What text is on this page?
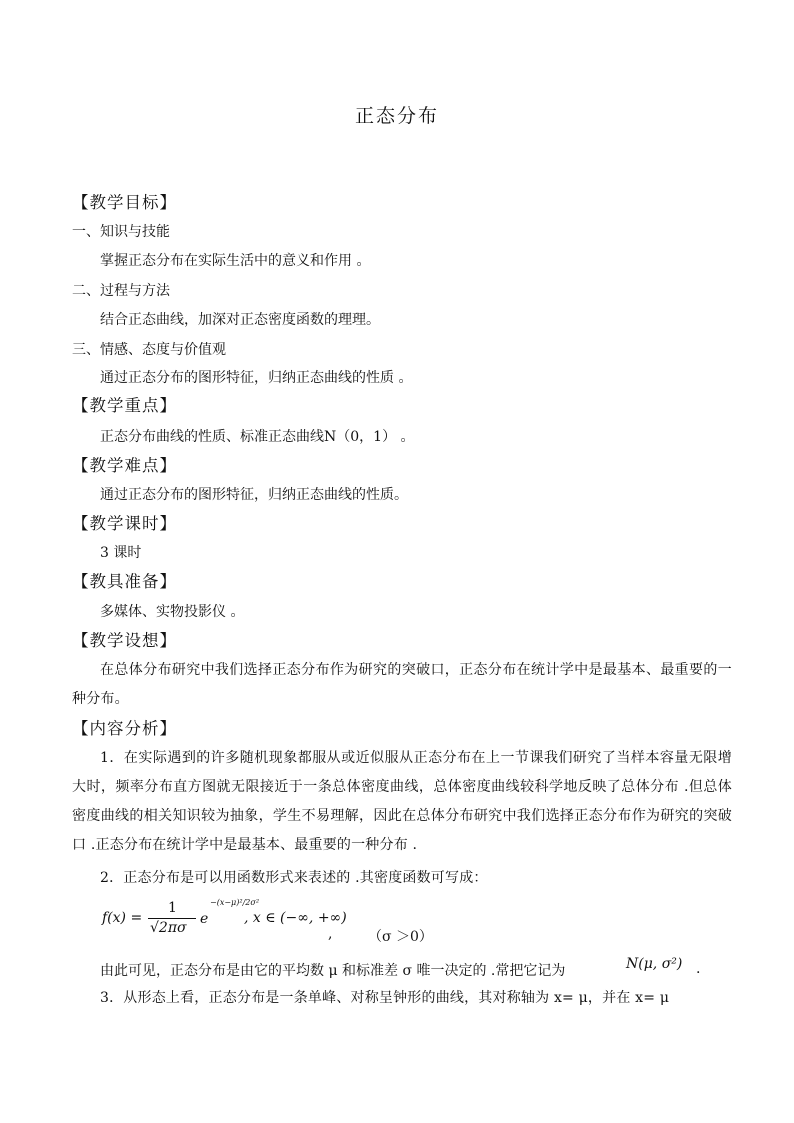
正态分布
【教学目标】
一、知识与技能
掌握正态分布在实际生活中的意义和作用 。
二、过程与方法
结合正态曲线，加深对正态密度函数的理理。
三、情感、态度与价值观
通过正态分布的图形特征，归纳正态曲线的性质 。
【教学重点】
正态分布曲线的性质、标准正态曲线N（0，1） 。
【教学难点】
通过正态分布的图形特征，归纳正态曲线的性质。
【教学课时】
3 课时
【教具准备】
多媒体、实物投影仪 。
【教学设想】
在总体分布研究中我们选择正态分布作为研究的突破口，正态分布在统计学中是最基本、最重要的一种分布。
【内容分析】
1．在实际遇到的许多随机现象都服从或近似服从正态分布在上一节课我们研究了当样本容量无限增大时，频率分布直方图就无限接近于一条总体密度曲线，总体密度曲线较科学地反映了总体分布 .但总体密度曲线的相关知识较为抽象，学生不易理解，因此在总体分布研究中我们选择正态分布作为研究的突破口 .正态分布在统计学中是最基本、最重要的一种分布 .
2．正态分布是可以用函数形式来表述的 .其密度函数可写成：
f(x) =
1
√2πσ
e
−(x−μ)²/2σ²
, x ∈ (−∞, +∞)
,	（σ ＞0）
由此可见，正态分布是由它的平均数 μ 和标准差 σ 唯一决定的 .常把它记为	N(μ, σ²) .
3．从形态上看，正态分布是一条单峰、对称呈钟形的曲线，其对称轴为 x= μ，并在 x= μ
